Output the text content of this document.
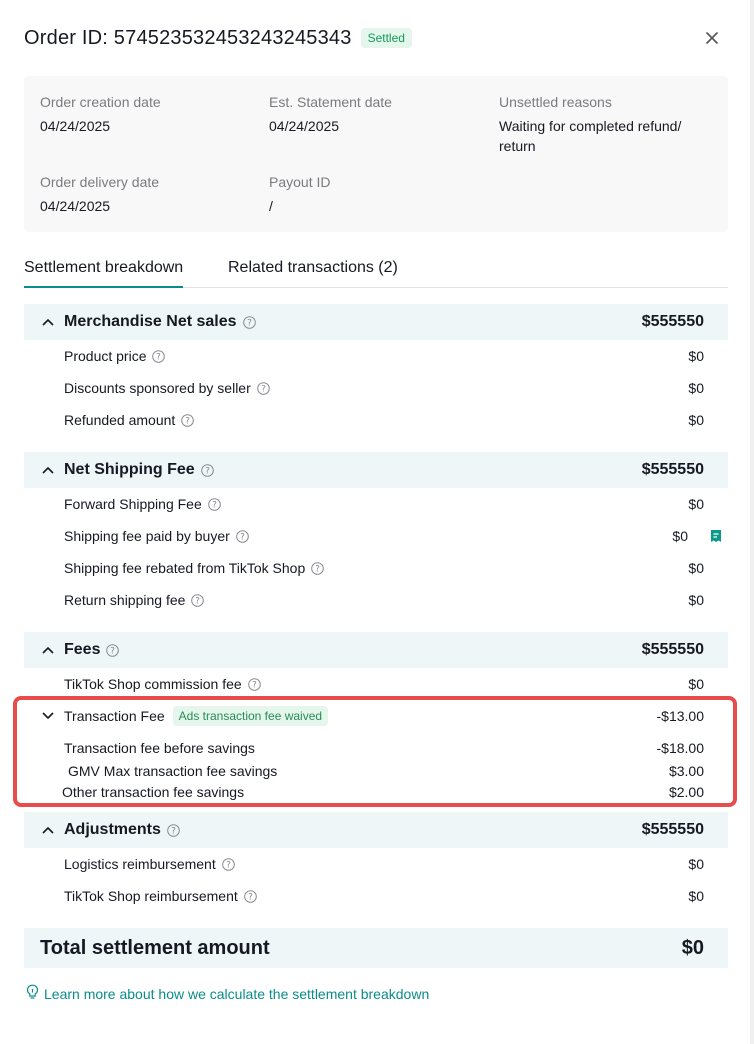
Order ID: 574523532453243245343	Settled
Order creation date
04/24/2025
Est. Statement date
04/24/2025
Unsettled reasons
Waiting for completed refund/
return
Order delivery date
04/24/2025
Payout ID
/
Settlement breakdown	Related transactions (2)
Merchandise Net sales ?	$555550
Product price ?	$0
Discounts sponsored by seller ?	$0
Refunded amount ?	$0
Net Shipping Fee ?	$555550
Forward Shipping Fee ?	$0
Shipping fee paid by buyer ?	$0
Shipping fee rebated from TikTok Shop ?	$0
Return shipping fee ?	$0
Fees ?	$555550
TikTok Shop commission fee ?	$0
Transaction Fee	Ads transaction fee waived	-$13.00
Transaction fee before savings	-$18.00
GMV Max transaction fee savings	$3.00
Other transaction fee savings	$2.00
Adjustments ?	$555550
Logistics reimbursement ?	$0
TikTok Shop reimbursement ?	$0
Total settlement amount	$0
Learn more about how we calculate the settlement breakdown
